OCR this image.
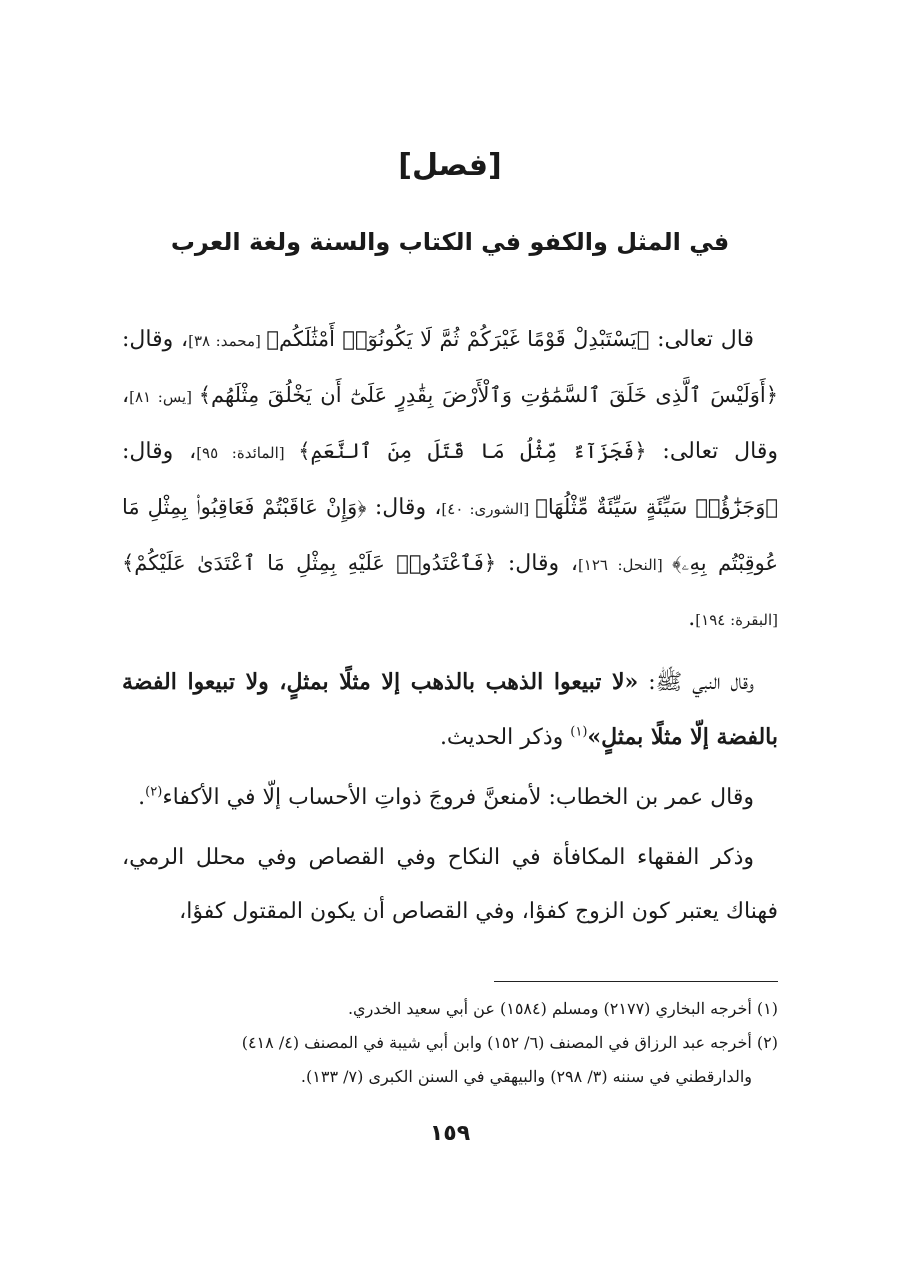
[فصل]
في المثل والكفو في الكتاب والسنة ولغة العرب

قال تعالى: ﴿يَسْتَبْدِلْ قَوْمًا غَيْرَكُمْ ثُمَّ لَا يَكُونُوٓا۟ أَمْثَٰلَكُم﴾ [محمد: ٣٨]، وقال: ﴿أَوَلَيْسَ ٱلَّذِى خَلَقَ ٱلسَّمَٰوَٰتِ وَٱلْأَرْضَ بِقَٰدِرٍ عَلَىٰٓ أَن يَخْلُقَ مِثْلَهُم﴾ [يس: ٨١]، وقال تعالى: ﴿فَجَزَآءٌ مِّثْلُ مَا قَتَلَ مِنَ ٱلنَّعَمِ﴾ [المائدة: ٩٥]، وقال: ﴿وَجَزَٰٓؤُا۟ سَيِّئَةٍ سَيِّئَةٌ مِّثْلُهَا﴾ [الشورى: ٤٠]، وقال: ﴿وَإِنْ عَاقَبْتُمْ فَعَاقِبُوا۟ بِمِثْلِ مَا عُوقِبْتُم بِهِۦ﴾ [النحل: ١٢٦]، وقال: ﴿فَٱعْتَدُوا۟ عَلَيْهِ بِمِثْلِ مَا ٱعْتَدَىٰ عَلَيْكُمْ﴾ [البقرة: ١٩٤].

وقال النبي ﷺ: «لا تبيعوا الذهب بالذهب إلا مثلًا بمثلٍ، ولا تبيعوا الفضة بالفضة إلّا مثلًا بمثلٍ»$^{(١)}$ وذكر الحديث.

وقال عمر بن الخطاب: لأمنعنَّ فروجَ ذواتِ الأحساب إلّا في الأكفاء$^{(٢)}$.

وذكر الفقهاء المكافأة في النكاح وفي القصاص وفي محلل الرمي، فهناك يعتبر كون الزوج كفؤا، وفي القصاص أن يكون المقتول كفؤا،

(١) أخرجه البخاري (٢١٧٧) ومسلم (١٥٨٤) عن أبي سعيد الخدري.

(٢) أخرجه عبد الرزاق في المصنف (٦/ ١٥٢) وابن أبي شيبة في المصنف (٤/ ٤١٨)

والدارقطني في سننه (٣/ ٢٩٨) والبيهقي في السنن الكبرى (٧/ ١٣٣).

١٥٩
